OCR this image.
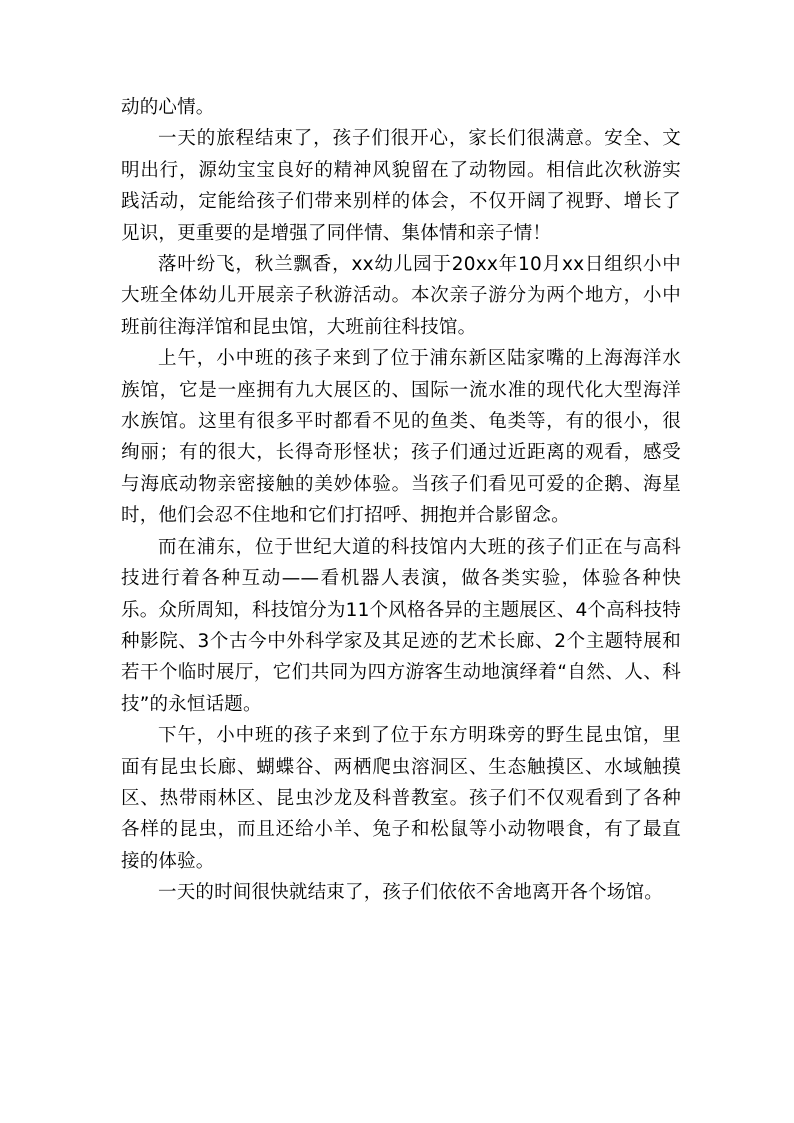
动的心情。

一天的旅程结束了，孩子们很开心，家长们很满意。安全、文明出行，源幼宝宝良好的精神风貌留在了动物园。相信此次秋游实践活动，定能给孩子们带来别样的体会，不仅开阔了视野、增长了见识，更重要的是增强了同伴情、集体情和亲子情！

落叶纷飞，秋兰飘香，xx幼儿园于20xx年10月xx日组织小中大班全体幼儿开展亲子秋游活动。本次亲子游分为两个地方，小中班前往海洋馆和昆虫馆，大班前往科技馆。

上午，小中班的孩子来到了位于浦东新区陆家嘴的上海海洋水族馆，它是一座拥有九大展区的、国际一流水准的现代化大型海洋水族馆。这里有很多平时都看不见的鱼类、龟类等，有的很小，很绚丽；有的很大，长得奇形怪状；孩子们通过近距离的观看，感受与海底动物亲密接触的美妙体验。当孩子们看见可爱的企鹅、海星时，他们会忍不住地和它们打招呼、拥抱并合影留念。

而在浦东，位于世纪大道的科技馆内大班的孩子们正在与高科技进行着各种互动——看机器人表演，做各类实验，体验各种快乐。众所周知，科技馆分为11个风格各异的主题展区、4个高科技特种影院、3个古今中外科学家及其足迹的艺术长廊、2个主题特展和若干个临时展厅，它们共同为四方游客生动地演绎着“自然、人、科技”的永恒话题。

下午，小中班的孩子来到了位于东方明珠旁的野生昆虫馆，里面有昆虫长廊、蝴蝶谷、两栖爬虫溶洞区、生态触摸区、水域触摸区、热带雨林区、昆虫沙龙及科普教室。孩子们不仅观看到了各种各样的昆虫，而且还给小羊、兔子和松鼠等小动物喂食，有了最直接的体验。

一天的时间很快就结束了，孩子们依依不舍地离开各个场馆。
